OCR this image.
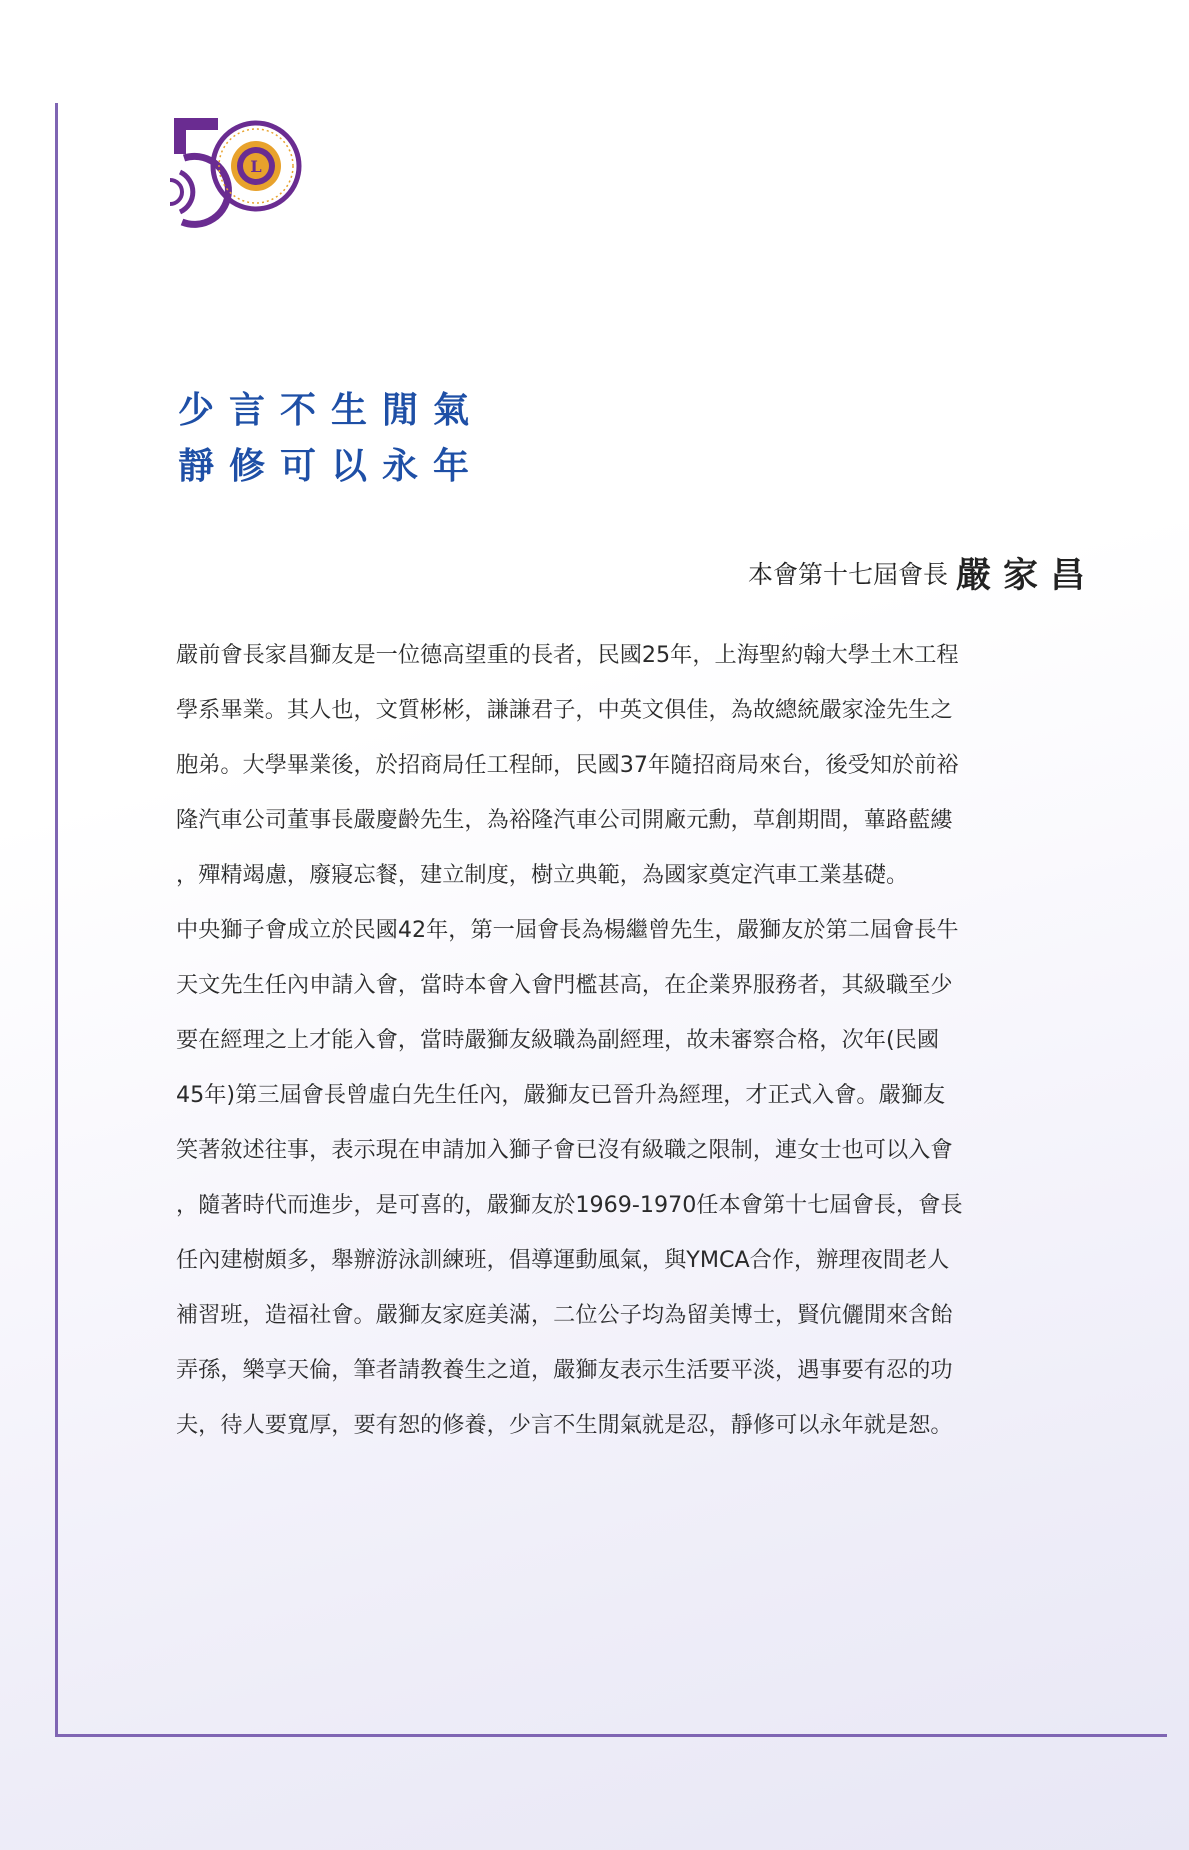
L
少言不生閒氣
靜修可以永年
本會第十七屆會長 嚴家昌
嚴前會長家昌獅友是一位德高望重的長者，民國25年，上海聖約翰大學土木工程
學系畢業。其人也，文質彬彬，謙謙君子，中英文俱佳，為故總統嚴家淦先生之
胞弟。大學畢業後，於招商局任工程師，民國37年隨招商局來台，後受知於前裕
隆汽車公司董事長嚴慶齡先生，為裕隆汽車公司開廠元勳，草創期間，蓽路藍縷
，殫精竭慮，廢寢忘餐，建立制度，樹立典範，為國家奠定汽車工業基礎。
中央獅子會成立於民國42年，第一屆會長為楊繼曾先生，嚴獅友於第二屆會長牛
天文先生任內申請入會，當時本會入會門檻甚高，在企業界服務者，其級職至少
要在經理之上才能入會，當時嚴獅友級職為副經理，故未審察合格，次年(民國
45年)第三屆會長曾虛白先生任內，嚴獅友已晉升為經理，才正式入會。嚴獅友
笑著敘述往事，表示現在申請加入獅子會已沒有級職之限制，連女士也可以入會
，隨著時代而進步，是可喜的，嚴獅友於1969-1970任本會第十七屆會長，會長
任內建樹頗多，舉辦游泳訓練班，倡導運動風氣，與YMCA合作，辦理夜間老人
補習班，造福社會。嚴獅友家庭美滿，二位公子均為留美博士，賢伉儷閒來含飴
弄孫，樂享天倫，筆者請教養生之道，嚴獅友表示生活要平淡，遇事要有忍的功
夫，待人要寬厚，要有恕的修養，少言不生閒氣就是忍，靜修可以永年就是恕。
